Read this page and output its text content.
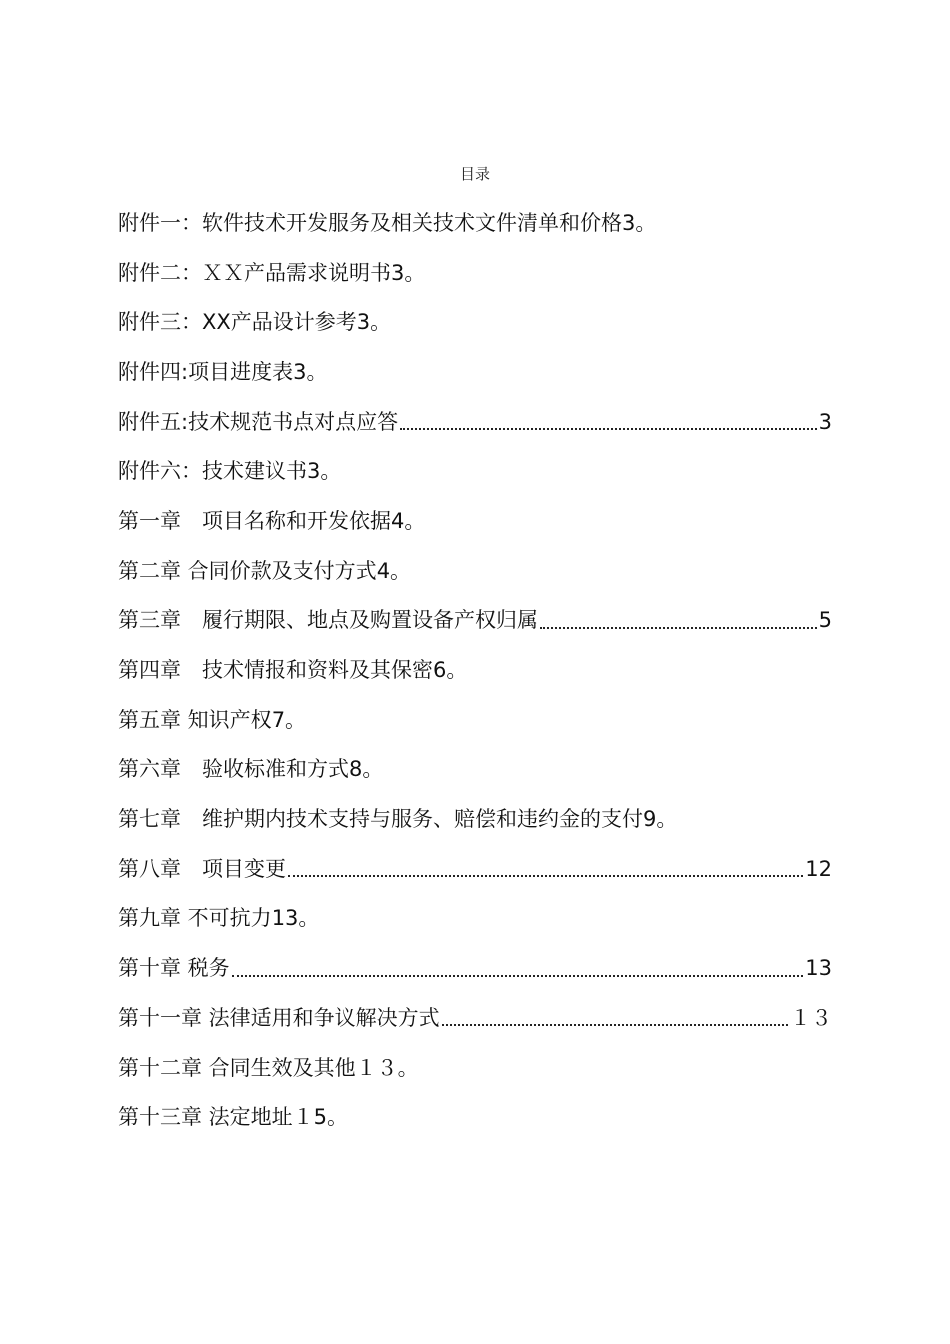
目录
附件一：软件技术开发服务及相关技术文件清单和价格 3。
附件二：ＸＸ产品需求说明书 3。
附件三：XX产品设计参考 3。
附件四:项目进度表 3。
附件五:技术规范书点对点应答	3
附件六：技术建议书 3。
第一章　项目名称和开发依据 4。
第二章 合同价款及支付方式 4。
第三章　履行期限、地点及购置设备产权归属	5
第四章　技术情报和资料及其保密 6。
第五章 知识产权 7。
第六章　验收标准和方式 8。
第七章　维护期内技术支持与服务、赔偿和违约金的支付 9。
第八章　项目变更	12
第九章 不可抗力 13。
第十章 税务	13
第十一章 法律适用和争议解决方式	１３
第十二章 合同生效及其他 １３。
第十三章 法定地址 １5。
